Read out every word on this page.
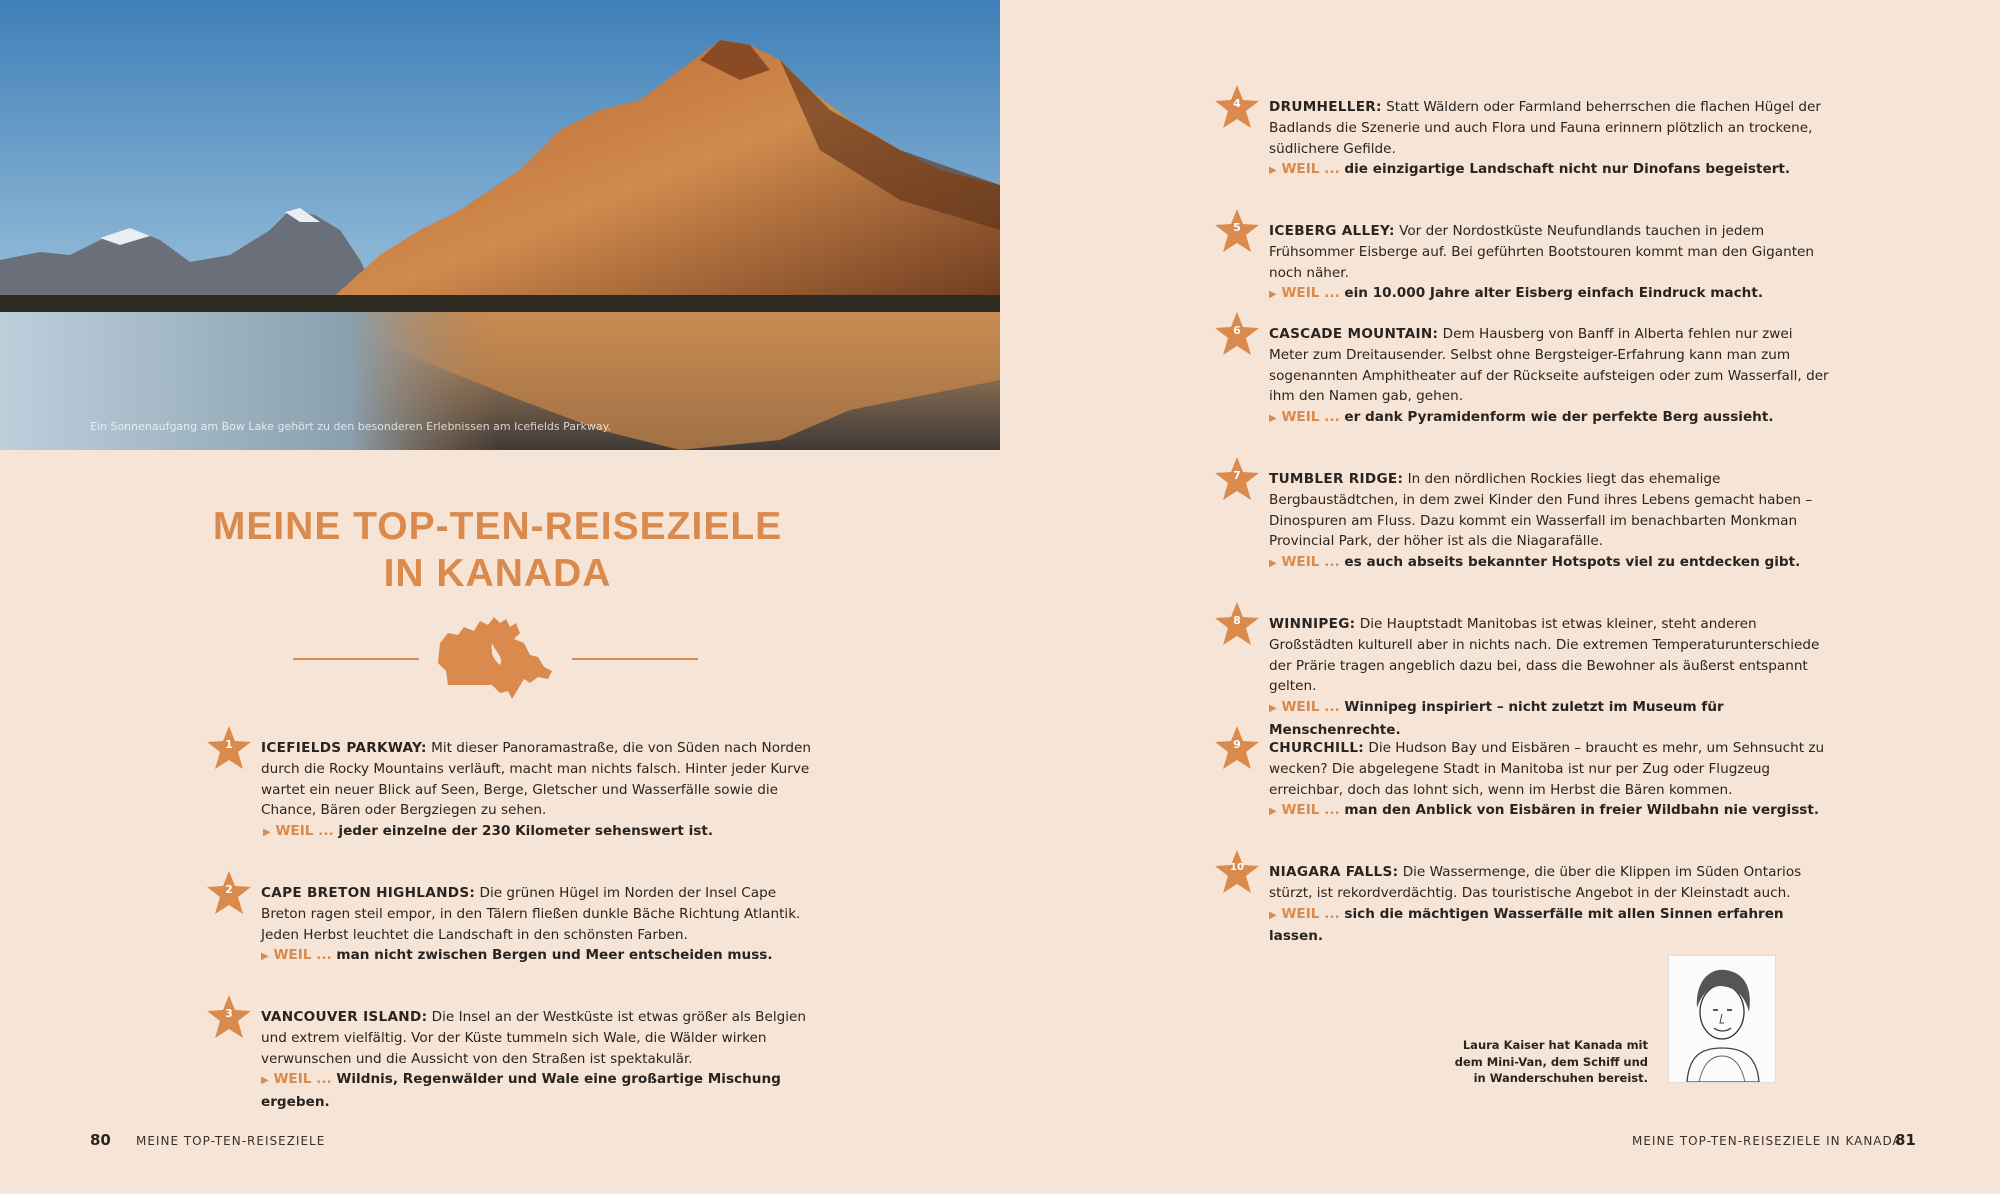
Ein Sonnenaufgang am Bow Lake gehört zu den besonderen Erlebnissen am Icefields Parkway.
MEINE TOP-TEN-REISEZIELE
IN KANADA
1	ICEFIELDS PARKWAY: Mit dieser Panoramastraße, die von Süden nach Norden durch die Rocky Mountains verläuft, macht man nichts falsch. Hinter jeder Kurve wartet ein neuer Blick auf Seen, Berge, Gletscher und Wasserfälle sowie die Chance, Bären oder Bergziegen zu sehen.

▶ WEIL ... jeder einzelne der 230 Kilometer sehenswert ist.
2	CAPE BRETON HIGHLANDS: Die grünen Hügel im Norden der Insel Cape Breton ragen steil empor, in den Tälern fließen dunkle Bäche Richtung Atlantik. Jeden Herbst leuchtet die Landschaft in den schönsten Farben.

▶ WEIL ... man nicht zwischen Bergen und Meer entscheiden muss.
3	VANCOUVER ISLAND: Die Insel an der Westküste ist etwas größer als Belgien und extrem vielfältig. Vor der Küste tummeln sich Wale, die Wälder wirken verwunschen und die Aussicht von den Straßen ist spektakulär.

▶ WEIL ... Wildnis, Regenwälder und Wale eine großartige Mischung ergeben.
4	DRUMHELLER: Statt Wäldern oder Farmland beherrschen die flachen Hügel der Badlands die Szenerie und auch Flora und Fauna erinnern plötzlich an trockene, südlichere Gefilde.

▶ WEIL ... die einzigartige Landschaft nicht nur Dinofans begeistert.
5	ICEBERG ALLEY: Vor der Nordostküste Neufundlands tauchen in jedem Frühsommer Eisberge auf. Bei geführten Bootstouren kommt man den Giganten noch näher.

▶ WEIL ... ein 10.000 Jahre alter Eisberg einfach Eindruck macht.
6	CASCADE MOUNTAIN: Dem Hausberg von Banff in Alberta fehlen nur zwei Meter zum Dreitausender. Selbst ohne Bergsteiger-Erfahrung kann man zum sogenannten Amphitheater auf der Rückseite aufsteigen oder zum Wasserfall, der ihm den Namen gab, gehen.

▶ WEIL ... er dank Pyramidenform wie der perfekte Berg aussieht.
7	TUMBLER RIDGE: In den nördlichen Rockies liegt das ehemalige Bergbaustädtchen, in dem zwei Kinder den Fund ihres Lebens gemacht haben – Dinospuren am Fluss. Dazu kommt ein Wasserfall im benachbarten Monkman Provincial Park, der höher ist als die Niagarafälle.

▶ WEIL ... es auch abseits bekannter Hotspots viel zu entdecken gibt.
8	WINNIPEG: Die Hauptstadt Manitobas ist etwas kleiner, steht anderen Großstädten kulturell aber in nichts nach. Die extremen Temperaturunterschiede der Prärie tragen angeblich dazu bei, dass die Bewohner als äußerst entspannt gelten.

▶ WEIL ... Winnipeg inspiriert – nicht zuletzt im Museum für Menschenrechte.
9	CHURCHILL: Die Hudson Bay und Eisbären – braucht es mehr, um Sehnsucht zu wecken? Die abgelegene Stadt in Manitoba ist nur per Zug oder Flugzeug erreichbar, doch das lohnt sich, wenn im Herbst die Bären kommen.

▶ WEIL ... man den Anblick von Eisbären in freier Wildbahn nie vergisst.
10	NIAGARA FALLS: Die Wassermenge, die über die Klippen im Süden Ontarios stürzt, ist rekordverdächtig. Das touristische Angebot in der Kleinstadt auch.

▶ WEIL ... sich die mächtigen Wasserfälle mit allen Sinnen erfahren lassen.
Laura Kaiser hat Kanada mit
dem Mini-Van, dem Schiff und
in Wanderschuhen bereist.
80 MEINE TOP-TEN-REISEZIELE	MEINE TOP-TEN-REISEZIELE IN KANADA
81
